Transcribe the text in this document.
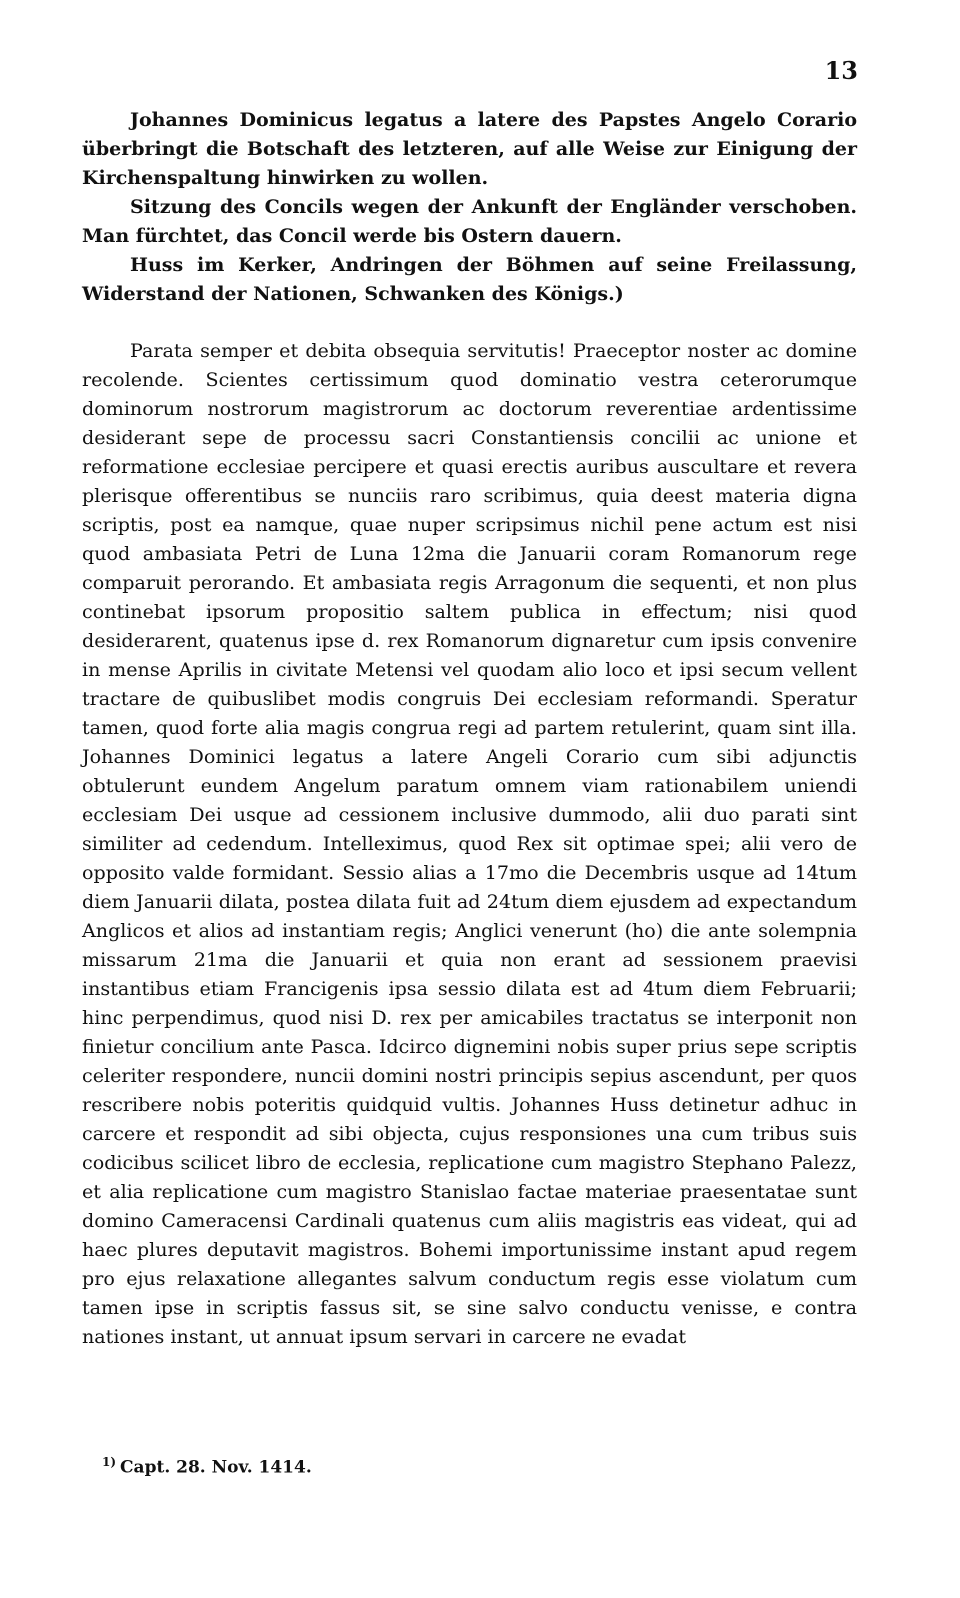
13

Johannes Dominicus legatus a latere des Papstes Angelo Corario überbringt die Botschaft des letzteren, auf alle Weise zur Einigung der Kirchenspaltung hinwirken zu wollen.

Sitzung des Concils wegen der Ankunft der Engländer verschoben. Man fürchtet, das Concil werde bis Ostern dauern.

Huss im Kerker, Andringen der Böhmen auf seine Freilassung, Widerstand der Nationen, Schwanken des Königs.)

Parata semper et debita obsequia servitutis! Praeceptor noster ac domine recolende. Scientes certissimum quod dominatio vestra ceterorumque dominorum nostrorum magistrorum ac doctorum reverentiae ardentissime desiderant sepe de processu sacri Constantiensis concilii ac unione et reformatione ecclesiae percipere et quasi erectis auribus auscultare et revera plerisque offerentibus se nunciis raro scribimus, quia deest materia digna scriptis, post ea namque, quae nuper scripsimus nichil pene actum est nisi quod ambasiata Petri de Luna 12ma die Januarii coram Romanorum rege comparuit perorando. Et ambasiata regis Arragonum die sequenti, et non plus continebat ipsorum propositio saltem publica in effectum; nisi quod desiderarent, quatenus ipse d. rex Romanorum dignaretur cum ipsis convenire in mense Aprilis in civitate Metensi vel quodam alio loco et ipsi secum vellent tractare de quibuslibet modis congruis Dei ecclesiam reformandi. Speratur tamen, quod forte alia magis congrua regi ad partem retulerint, quam sint illa. Johannes Dominici legatus a latere Angeli Corario cum sibi adjunctis obtulerunt eundem Angelum paratum omnem viam rationabilem uniendi ecclesiam Dei usque ad cessionem inclusive dummodo, alii duo parati sint similiter ad cedendum. Intelleximus, quod Rex sit optimae spei; alii vero de opposito valde formidant. Sessio alias a 17mo die Decembris usque ad 14tum diem Januarii dilata, postea dilata fuit ad 24tum diem ejusdem ad expectandum Anglicos et alios ad instantiam regis; Anglici venerunt (ho) die ante solempnia missarum 21ma die Januarii et quia non erant ad sessionem praevisi instantibus etiam Francigenis ipsa sessio dilata est ad 4tum diem Februarii; hinc perpendimus, quod nisi D. rex per amicabiles tractatus se interponit non finietur concilium ante Pasca. Idcirco dignemini nobis super prius sepe scriptis celeriter respondere, nuncii domini nostri principis sepius ascendunt, per quos rescribere nobis poteritis quidquid vultis. Johannes Huss detinetur adhuc in carcere et respondit ad sibi objecta, cujus responsiones una cum tribus suis codicibus scilicet libro de ecclesia, replicatione cum magistro Stephano Palezz, et alia replicatione cum magistro Stanislao factae materiae praesentatae sunt domino Cameracensi Cardinali quatenus cum aliis magistris eas videat, qui ad haec plures deputavit magistros. Bohemi importunissime instant apud regem pro ejus relaxatione allegantes salvum conductum regis esse violatum cum tamen ipse in scriptis fassus sit, se sine salvo conductu venisse, e contra nationes instant, ut annuat ipsum servari in carcere ne evadat

$^{1)}$ Capt. 28. Nov. 1414.
